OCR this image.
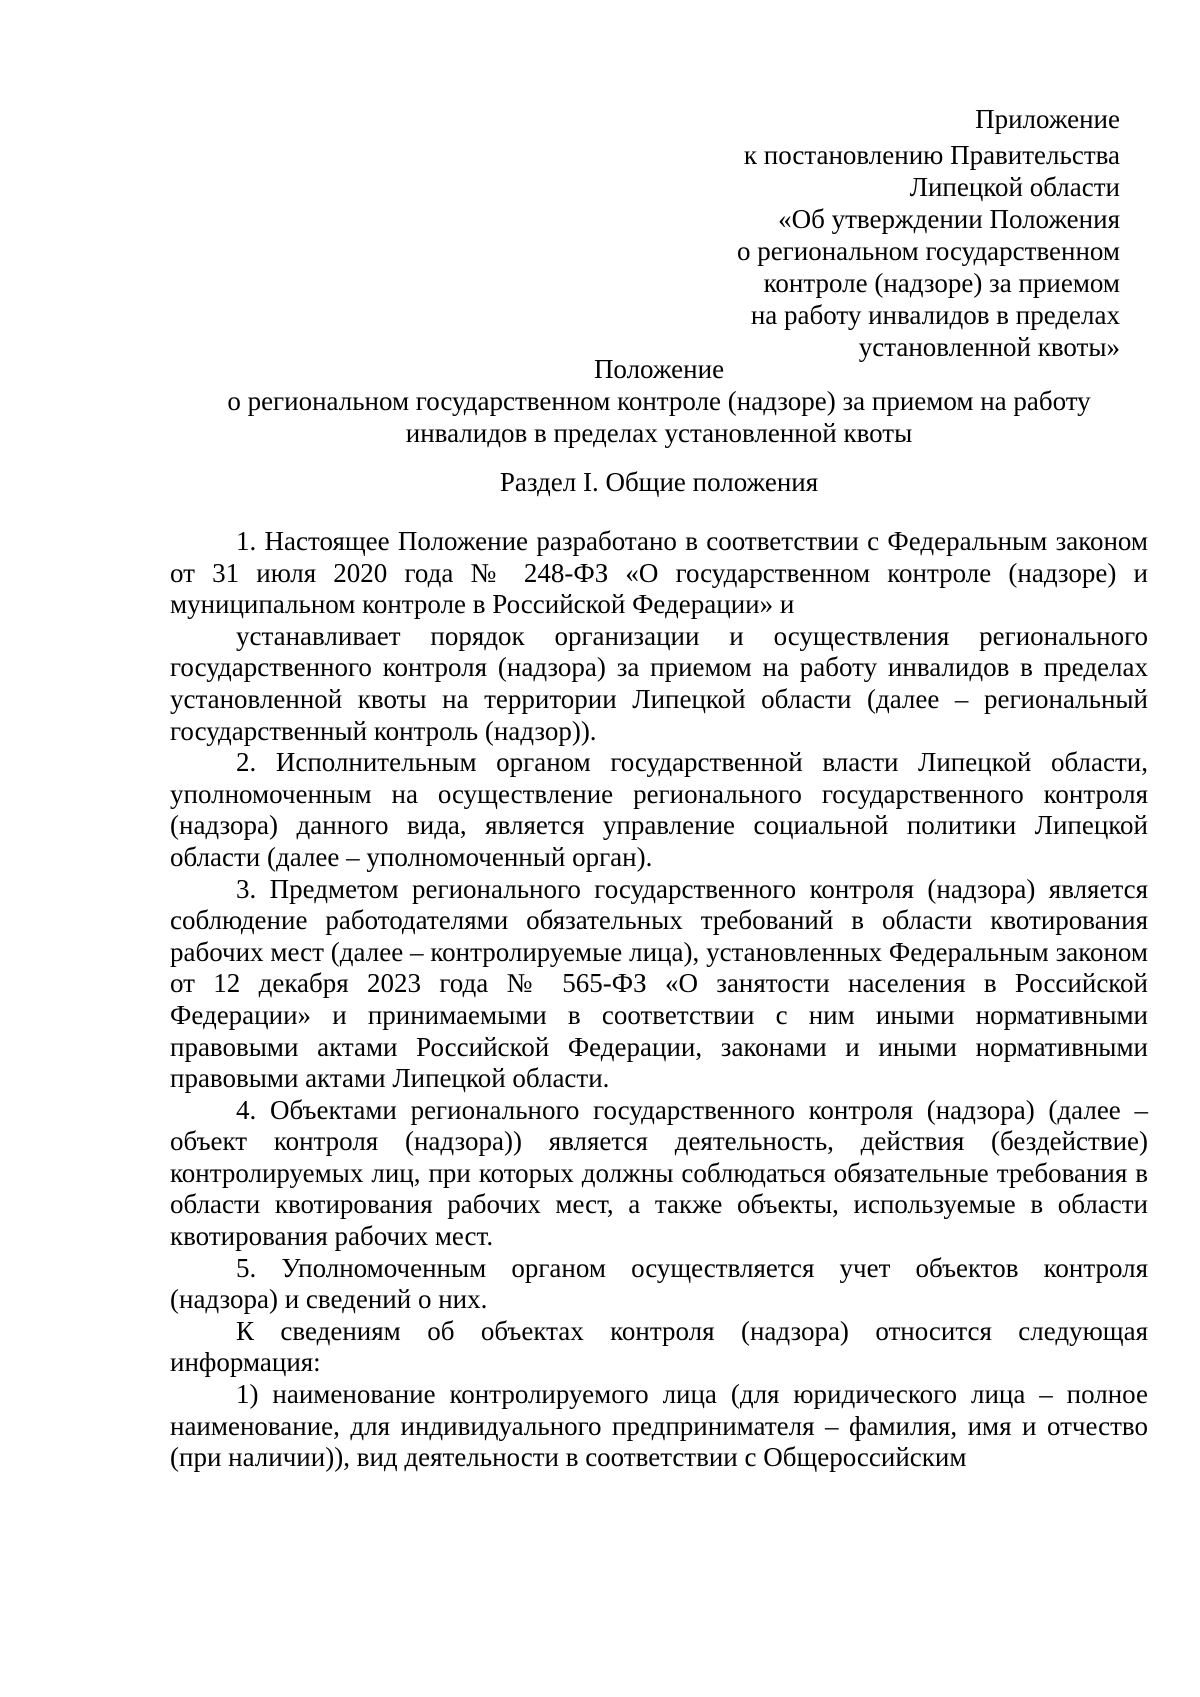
Приложение
к постановлению Правительства
Липецкой области
«Об утверждении Положения
о региональном государственном
контроле (надзоре) за приемом
на работу инвалидов в пределах
установленной квоты»
Положение
о региональном государственном контроле (надзоре) за приемом на работу
инвалидов в пределах установленной квоты
Раздел I. Общие положения

1. Настоящее Положение разработано в соответствии с Федеральным законом от 31 июля 2020 года № 248-ФЗ «О государственном контроле (надзоре) и муниципальном контроле в Российской Федерации» и

устанавливает порядок организации и осуществления регионального государственного контроля (надзора) за приемом на работу инвалидов в пределах установленной квоты на территории Липецкой области (далее – региональный государственный контроль (надзор)).

2. Исполнительным органом государственной власти Липецкой области, уполномоченным на осуществление регионального государственного контроля (надзора) данного вида, является управление социальной политики Липецкой области (далее – уполномоченный орган).

3. Предметом регионального государственного контроля (надзора) является соблюдение работодателями обязательных требований в области квотирования рабочих мест (далее – контролируемые лица), установленных Федеральным законом от 12 декабря 2023 года № 565-ФЗ «О занятости населения в Российской Федерации» и принимаемыми в соответствии с ним иными нормативными правовыми актами Российской Федерации, законами и иными нормативными правовыми актами Липецкой области.

4. Объектами регионального государственного контроля (надзора) (далее – объект контроля (надзора)) является деятельность, действия (бездействие) контролируемых лиц, при которых должны соблюдаться обязательные требования в области квотирования рабочих мест, а также объекты, используемые в области квотирования рабочих мест.

5. Уполномоченным органом осуществляется учет объектов контроля (надзора) и сведений о них.

К сведениям об объектах контроля (надзора) относится следующая информация:

1) наименование контролируемого лица (для юридического лица – полное наименование, для индивидуального предпринимателя – фамилия, имя и отчество (при наличии)), вид деятельности в соответствии с Общероссийским
